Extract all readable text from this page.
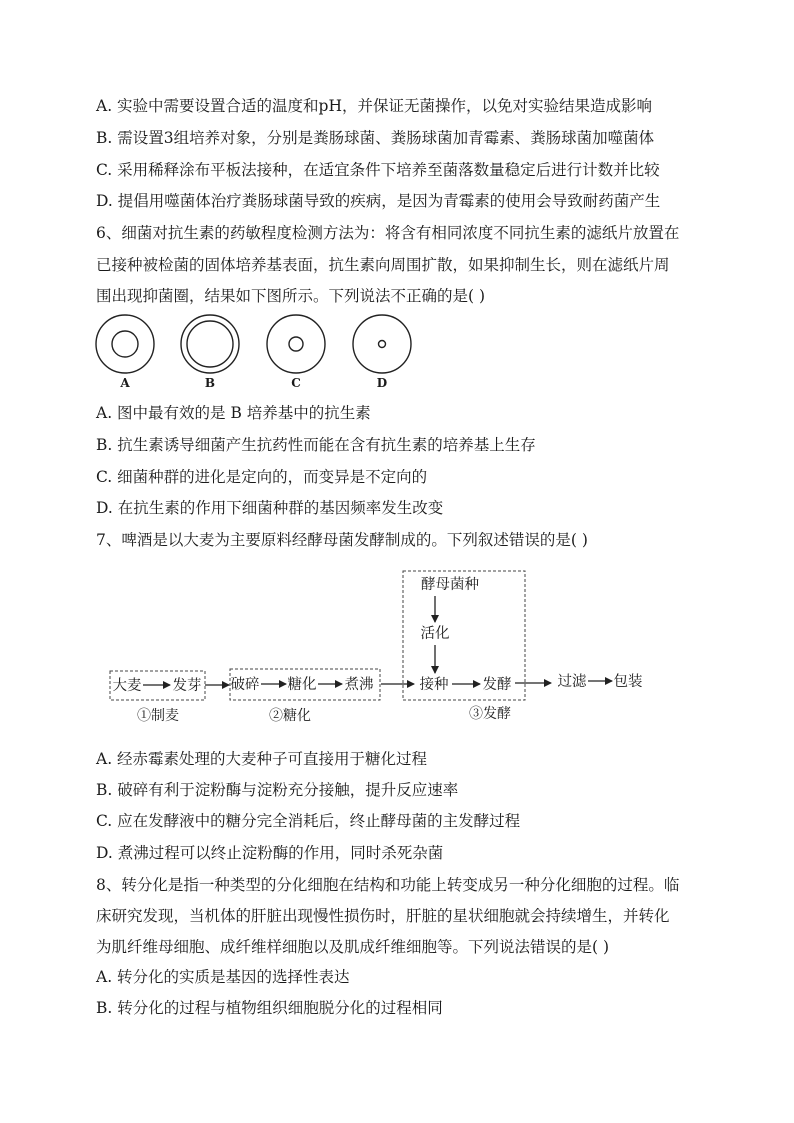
A. 实验中需要设置合适的温度和pH，并保证无菌操作，以免对实验结果造成影响
B. 需设置3组培养对象，分别是粪肠球菌、粪肠球菌加青霉素、粪肠球菌加噬菌体
C. 采用稀释涂布平板法接种，在适宜条件下培养至菌落数量稳定后进行计数并比较
D. 提倡用噬菌体治疗粪肠球菌导致的疾病，是因为青霉素的使用会导致耐药菌产生
6、细菌对抗生素的药敏程度检测方法为：将含有相同浓度不同抗生素的滤纸片放置在
已接种被检菌的固体培养基表面，抗生素向周围扩散，如果抑制生长，则在滤纸片周
围出现抑菌圈，结果如下图所示。下列说法不正确的是( )
A	B	C	D
A. 图中最有效的是 B 培养基中的抗生素
B. 抗生素诱导细菌产生抗药性而能在含有抗生素的培养基上生存
C. 细菌种群的进化是定向的，而变异是不定向的
D. 在抗生素的作用下细菌种群的基因频率发生改变
7、啤酒是以大麦为主要原料经酵母菌发酵制成的。下列叙述错误的是( )
大麦 发芽 破碎 糖化 煮沸
酵母菌种
活化
接种 发酵	过滤 包装
①制麦	②糖化	③发酵
A. 经赤霉素处理的大麦种子可直接用于糖化过程
B. 破碎有利于淀粉酶与淀粉充分接触，提升反应速率
C. 应在发酵液中的糖分完全消耗后，终止酵母菌的主发酵过程
D. 煮沸过程可以终止淀粉酶的作用，同时杀死杂菌
8、转分化是指一种类型的分化细胞在结构和功能上转变成另一种分化细胞的过程。临
床研究发现，当机体的肝脏出现慢性损伤时，肝脏的星状细胞就会持续增生，并转化
为肌纤维母细胞、成纤维样细胞以及肌成纤维细胞等。下列说法错误的是( )
A. 转分化的实质是基因的选择性表达
B. 转分化的过程与植物组织细胞脱分化的过程相同
